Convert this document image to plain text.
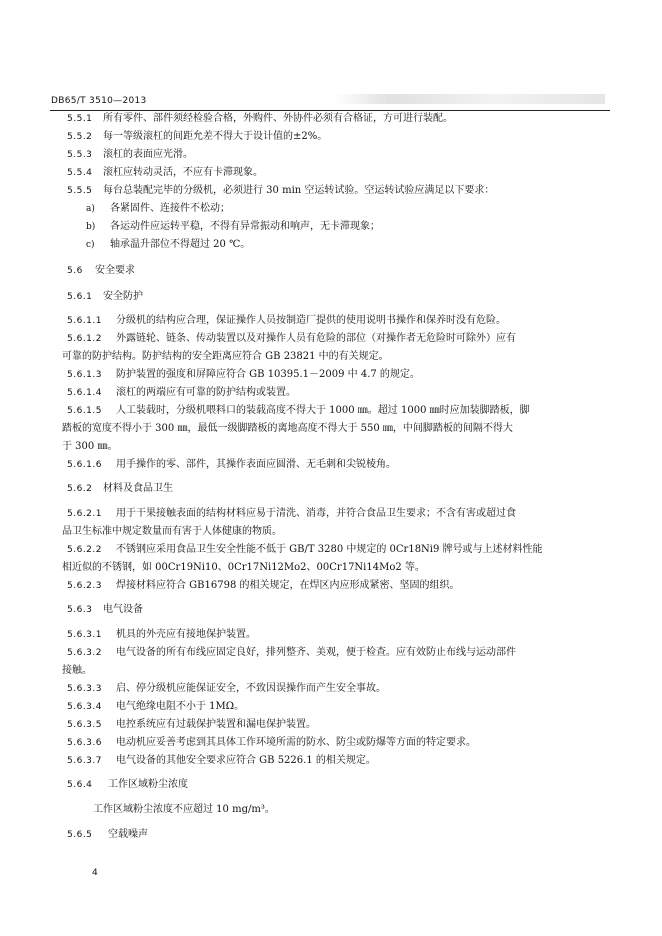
DB65/T 3510—2013
5.5.1 所有零件、部件须经检验合格，外购件、外协件必须有合格证，方可进行装配。
5.5.2 每一等级滚杠的间距允差不得大于设计值的±2%。
5.5.3 滚杠的表面应光滑。
5.5.4 滚杠应转动灵活，不应有卡滞现象。
5.5.5 每台总装配完毕的分级机，必须进行 30 min 空运转试验。空运转试验应满足以下要求：
a) 各紧固件、连接件不松动；
b) 各运动件应运转平稳，不得有异常振动和响声，无卡滞现象；
c) 轴承温升部位不得超过 20 ℃。
5.6 安全要求
5.6.1 安全防护
5.6.1.1 分级机的结构应合理，保证操作人员按制造厂提供的使用说明书操作和保养时没有危险。
5.6.1.2 外露链轮、链条、传动装置以及对操作人员有危险的部位（对操作者无危险时可除外）应有
可靠的防护结构。防护结构的安全距离应符合 GB 23821 中的有关规定。
5.6.1.3 防护装置的强度和屏障应符合 GB 10395.1－2009 中 4.7 的规定。
5.6.1.4 滚杠的两端应有可靠的防护结构或装置。
5.6.1.5 人工装载时，分级机喂料口的装载高度不得大于 1000 ㎜。超过 1000 ㎜时应加装脚踏板，脚
踏板的宽度不得小于 300 ㎜，最低一级脚踏板的离地高度不得大于 550 ㎜，中间脚踏板的间隔不得大
于 300 ㎜。
5.6.1.6 用手操作的零、部件，其操作表面应圆滑、无毛刺和尖锐棱角。
5.6.2 材料及食品卫生
5.6.2.1 用于干果接触表面的结构材料应易于清洗、消毒，并符合食品卫生要求；不含有害或超过食
品卫生标准中规定数量而有害于人体健康的物质。
5.6.2.2 不锈钢应采用食品卫生安全性能不低于 GB/T 3280 中规定的 0Cr18Ni9 牌号或与上述材料性能
相近似的不锈钢，如 00Cr19Ni10、0Cr17Ni12Mo2、00Cr17Ni14Mo2 等。
5.6.2.3 焊接材料应符合 GB16798 的相关规定，在焊区内应形成紧密、坚固的组织。
5.6.3 电气设备
5.6.3.1 机具的外壳应有接地保护装置。
5.6.3.2 电气设备的所有布线应固定良好，排列整齐、美观，便于检查。应有效防止布线与运动部件
接触。
5.6.3.3 启、停分级机应能保证安全，不致因误操作而产生安全事故。
5.6.3.4 电气绝缘电阻不小于 1MΩ。
5.6.3.5 电控系统应有过载保护装置和漏电保护装置。
5.6.3.6 电动机应妥善考虑到其具体工作环境所需的防水、防尘或防爆等方面的特定要求。
5.6.3.7 电气设备的其他安全要求应符合 GB 5226.1 的相关规定。
5.6.4 工作区域粉尘浓度
工作区域粉尘浓度不应超过 10 mg/m³。
5.6.5 空载噪声
4
